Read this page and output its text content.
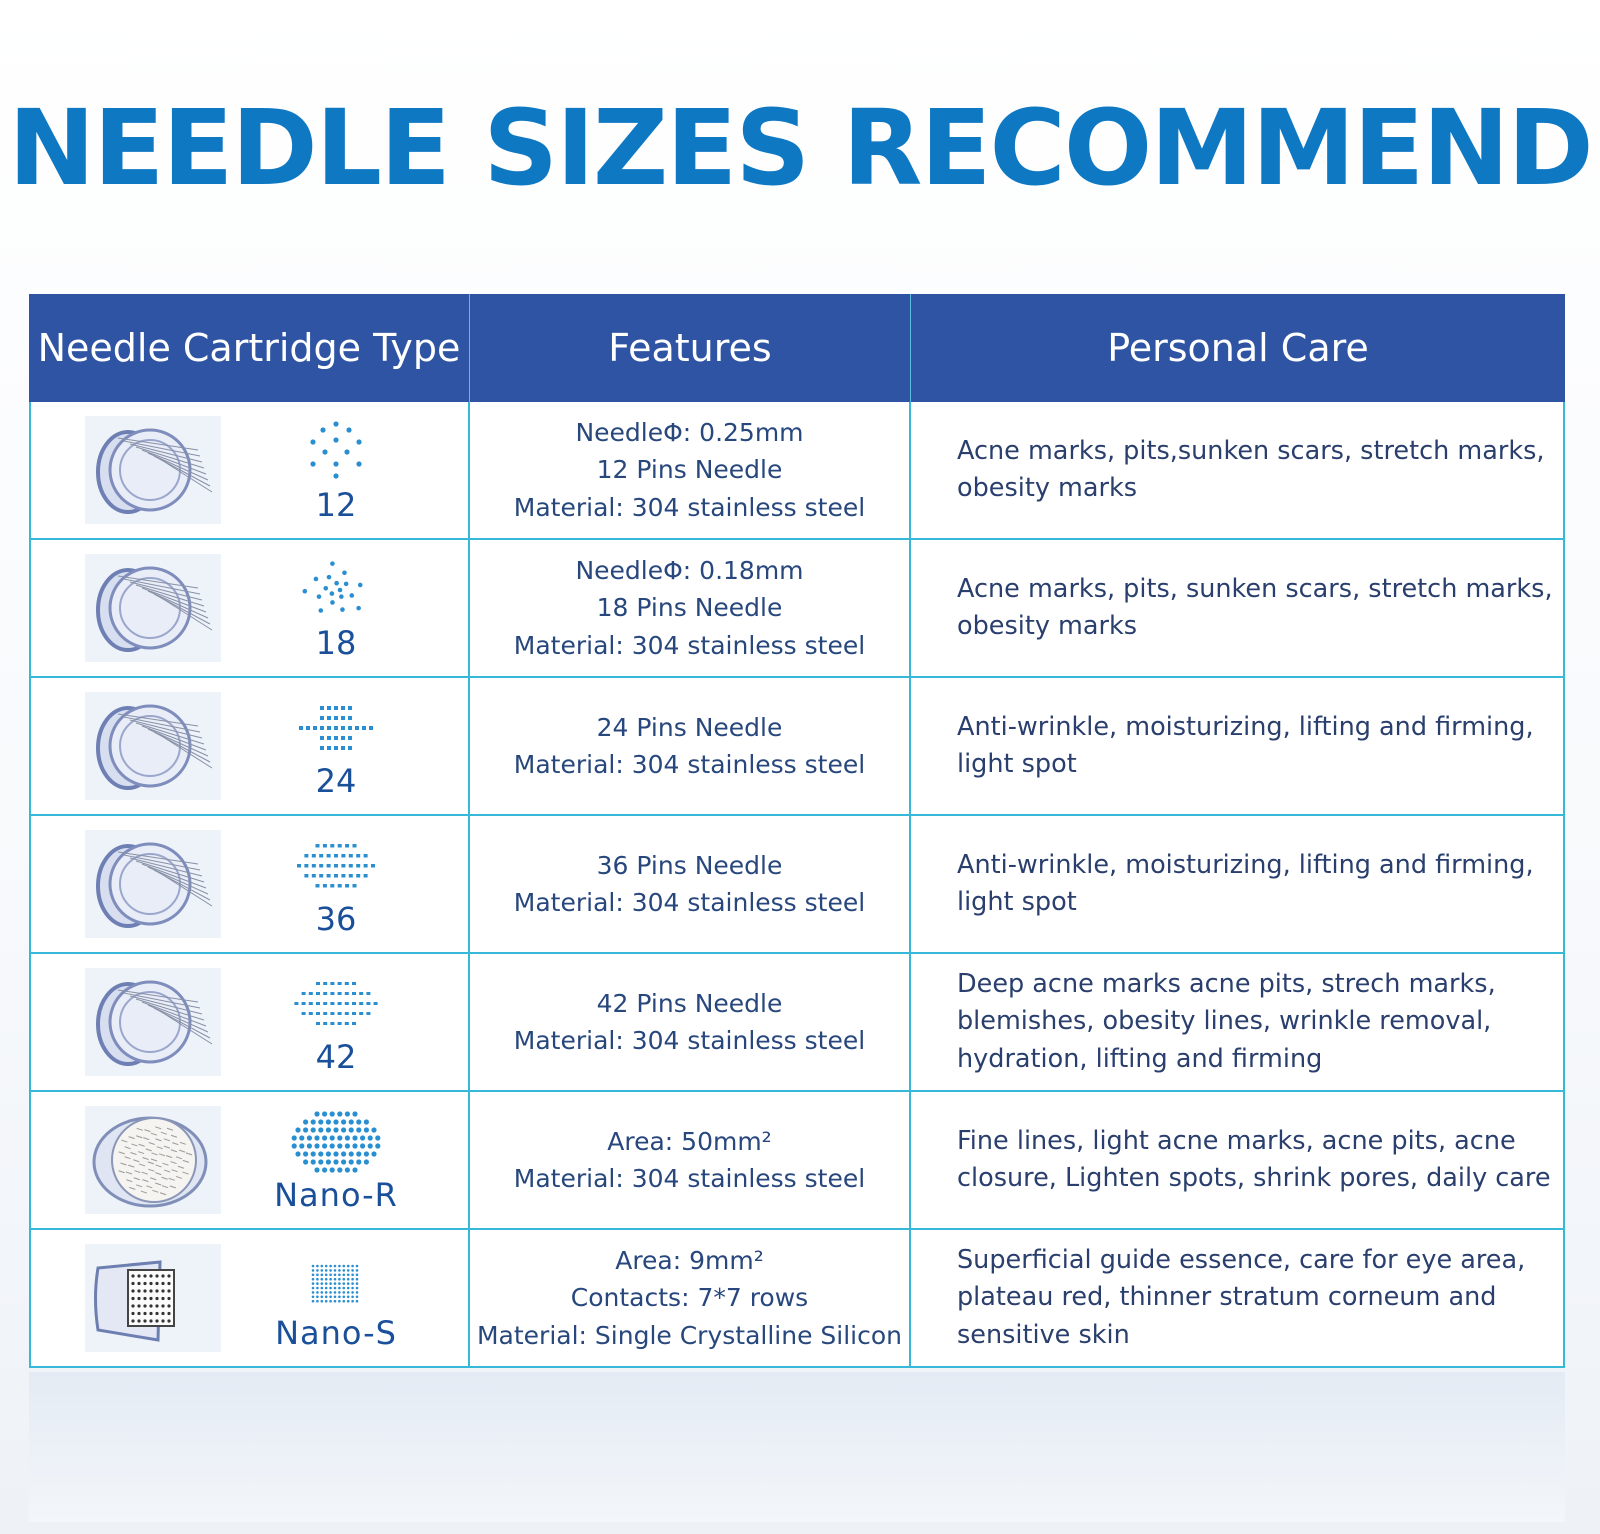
NEEDLE SIZES RECOMMEND
Needle Cartridge Type	Features	Personal Care
12
NeedleΦ: 0.25mm
12 Pins Needle
Material: 304 stainless steel
Acne marks, pits,sunken scars, stretch marks,
obesity marks
18
NeedleΦ: 0.18mm
18 Pins Needle
Material: 304 stainless steel
Acne marks, pits, sunken scars, stretch marks,
obesity marks
24
24 Pins Needle
Material: 304 stainless steel
Anti-wrinkle, moisturizing, lifting and firming,
light spot
36
36 Pins Needle
Material: 304 stainless steel
Anti-wrinkle, moisturizing, lifting and firming,
light spot
42
42 Pins Needle
Material: 304 stainless steel
Deep acne marks acne pits, strech marks,
blemishes, obesity lines, wrinkle removal,
hydration, lifting and firming
Nano-R
Area: 50mm²
Material: 304 stainless steel
Fine lines, light acne marks, acne pits, acne
closure, Lighten spots, shrink pores, daily care
Nano-S
Area: 9mm²
Contacts: 7*7 rows
Material: Single Crystalline Silicon
Superficial guide essence, care for eye area,
plateau red, thinner stratum corneum and
sensitive skin
